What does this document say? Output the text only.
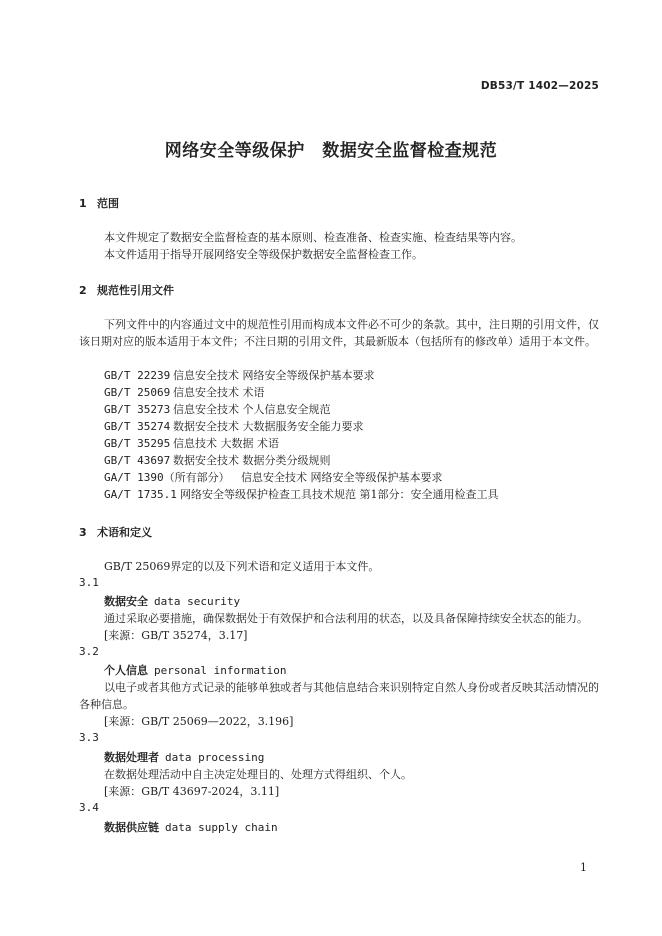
DB53/T 1402—2025
网络安全等级保护　数据安全监督检查规范
1 范围
本文件规定了数据安全监督检查的基本原则、检查准备、检查实施、检查结果等内容。
本文件适用于指导开展网络安全等级保护数据安全监督检查工作。
2 规范性引用文件
下列文件中的内容通过文中的规范性引用而构成本文件必不可少的条款。其中，注日期的引用文件，仅该日期对应的版本适用于本文件；不注日期的引用文件，其最新版本（包括所有的修改单）适用于本文件。
GB/T 22239 信息安全技术 网络安全等级保护基本要求
GB/T 25069 信息安全技术 术语
GB/T 35273 信息安全技术 个人信息安全规范
GB/T 35274 数据安全技术 大数据服务安全能力要求
GB/T 35295 信息技术 大数据 术语
GB/T 43697 数据安全技术 数据分类分级规则
GA/T 1390（所有部分） 信息安全技术 网络安全等级保护基本要求
GA/T 1735.1 网络安全等级保护检查工具技术规范 第1部分：安全通用检查工具
3 术语和定义
GB/T 25069界定的以及下列术语和定义适用于本文件。
3.1
数据安全 data security
通过采取必要措施，确保数据处于有效保护和合法利用的状态，以及具备保障持续安全状态的能力。
[来源：GB/T 35274，3.17]
3.2
个人信息 personal information
以电子或者其他方式记录的能够单独或者与其他信息结合来识别特定自然人身份或者反映其活动情况的各种信息。
[来源：GB/T 25069—2022，3.196]
3.3
数据处理者 data processing
在数据处理活动中自主决定处理目的、处理方式得组织、个人。
[来源：GB/T 43697-2024，3.11]
3.4
数据供应链 data supply chain
1
